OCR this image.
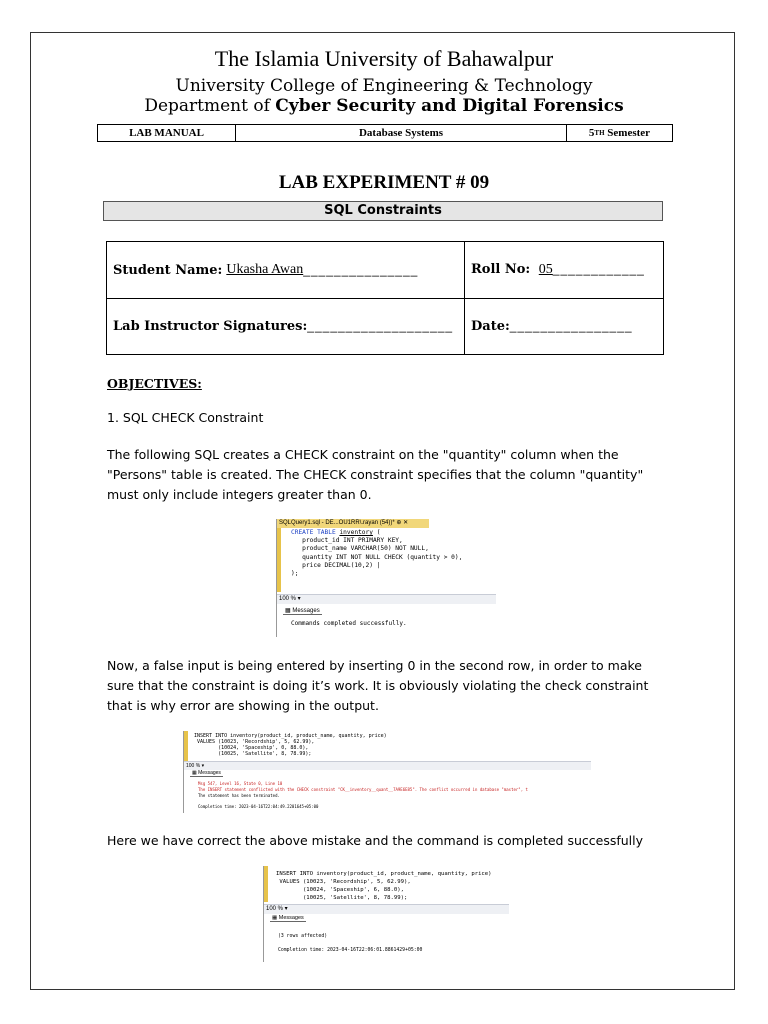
The Islamia University of Bahawalpur
University College of Engineering & Technology
Department of Cyber Security and Digital Forensics
LAB MANUAL	Database Systems	5 TH
Semester
LAB EXPERIMENT # 09
SQL Constraints
Student Name: Ukasha Awan _______________	Roll No: 05____________
Lab Instructor Signatures: ___________________	Date:________________
OBJECTIVES:
1. SQL CHECK Constraint
The following SQL creates a CHECK constraint on the "quantity" column when the "Persons" table is created. The CHECK constraint specifies that the column "quantity" must only include integers greater than 0.
SQLQuery1.sql - DE...OU1RR\.rayan (54))* ⊕ ✕
CREATE TABLE inventory (
product_id INT PRIMARY KEY,
product_name VARCHAR(50) NOT NULL,
quantity INT NOT NULL CHECK (quantity > 0),
price DECIMAL(10,2) |
);
100 % ▾
▦ Messages
Commands completed successfully.
Now, a false input is being entered by inserting 0 in the second row, in order to make sure that the constraint is doing it’s work. It is obviously violating the check constraint that is why error are showing in the output.
INSERT INTO inventory(product_id, product_name, quantity, price)
VALUES (10023, 'Recordship', 5, 62.99),
(10024, 'Spaceship', 0, 88.0),
(10025, 'Satellite', 8, 78.99);
100 % ▾
▦ Messages
Msg 547, Level 16, State 0, Line 10
The INSERT statement conflicted with the CHECK constraint "CK__inventory__quant__7A9E6E85". The conflict occurred in database "master", t
The statement has been terminated.
Completion time: 2023-04-16T22:04:49.2201645+05:00
Here we have correct the above mistake and the command is completed successfully
INSERT INTO inventory(product_id, product_name, quantity, price)
VALUES (10023, 'Recordship', 5, 62.99),
(10024, 'Spaceship', 6, 88.0),
(10025, 'Satellite', 8, 78.99);
100 % ▾
▦ Messages
(3 rows affected)
Completion time: 2023-04-16T22:06:01.8861429+05:00
